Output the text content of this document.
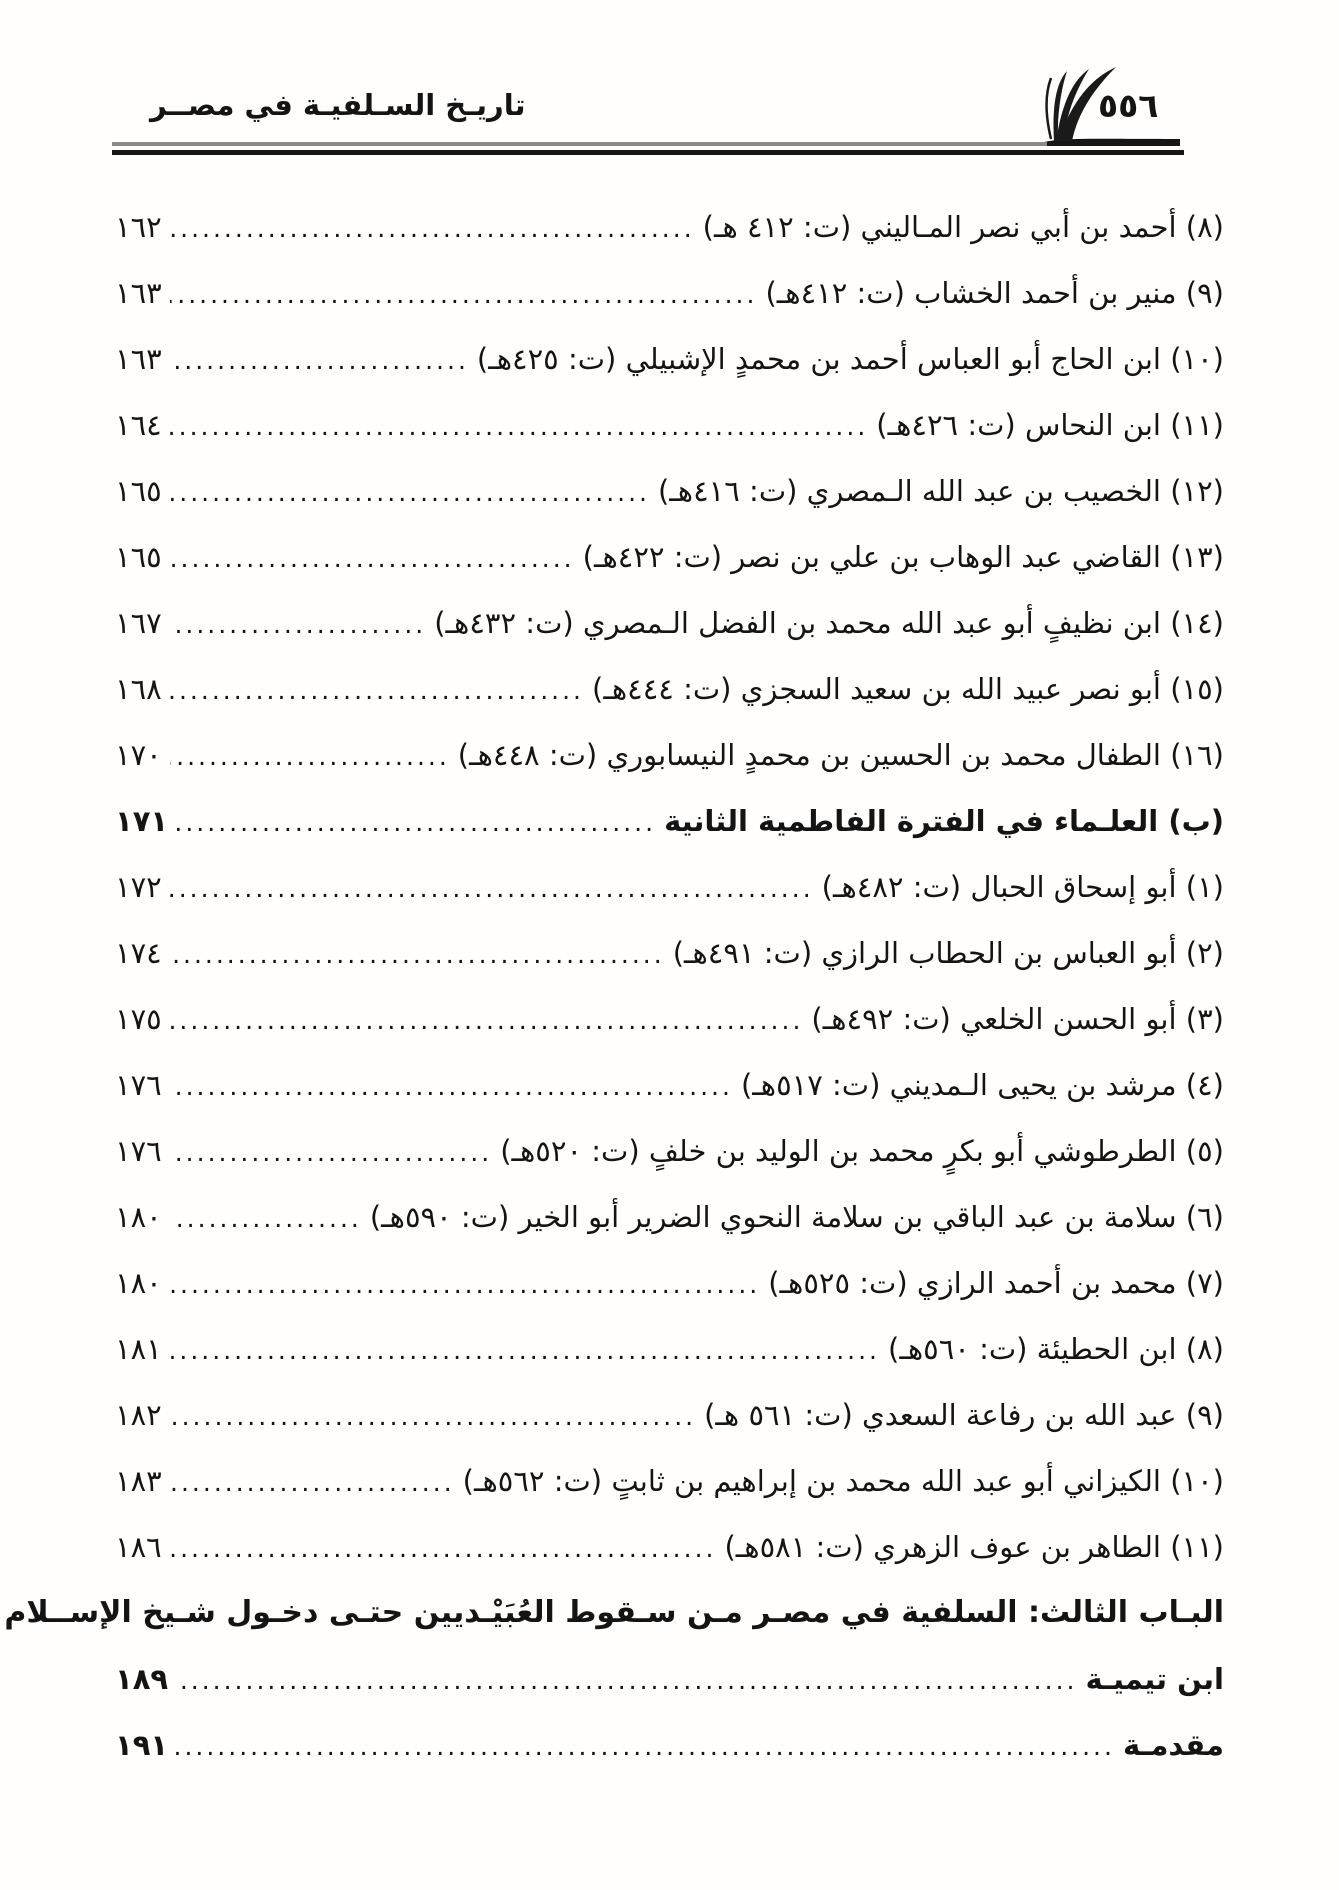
تاريـخ السـلفيـة في مصــر	٥٥٦
(٨) أحمد بن أبي نصر المـاليني (ت: ٤١٢ هـ)
.....
١٦٢
(٩) منير بن أحمد الخشاب (ت: ٤١٢هـ)
.....
١٦٣
(١٠) ابن الحاج أبو العباس أحمد بن محمدٍ الإشبيلي (ت: ٤٢٥هـ)
.....
١٦٣
(١١) ابن النحاس (ت: ٤٢٦هـ)
.....
١٦٤
(١٢) الخصيب بن عبد الله الـمصري (ت: ٤١٦هـ)
.....
١٦٥
(١٣) القاضي عبد الوهاب بن علي بن نصر (ت: ٤٢٢هـ)
.....
١٦٥
(١٤) ابن نظيفٍ أبو عبد الله محمد بن الفضل الـمصري (ت: ٤٣٢هـ)
.....
١٦٧
(١٥) أبو نصر عبيد الله بن سعيد السجزي (ت: ٤٤٤هـ)
.....
١٦٨
(١٦) الطفال محمد بن الحسين بن محمدٍ النيسابوري (ت: ٤٤٨هـ)
.....
١٧٠
(ب) العلـماء في الفترة الفاطمية الثانية
.....
١٧١
(١) أبو إسحاق الحبال (ت: ٤٨٢هـ)
.....
١٧٢
(٢) أبو العباس بن الحطاب الرازي (ت: ٤٩١هـ)
.....
١٧٤
(٣) أبو الحسن الخلعي (ت: ٤٩٢هـ)
.....
١٧٥
(٤) مرشد بن يحيى الـمديني (ت: ٥١٧هـ)
.....
١٧٦
(٥) الطرطوشي أبو بكرٍ محمد بن الوليد بن خلفٍ (ت: ٥٢٠هـ)
.....
١٧٦
(٦) سلامة بن عبد الباقي بن سلامة النحوي الضرير أبو الخير (ت: ٥٩٠هـ)
.....
١٨٠
(٧) محمد بن أحمد الرازي (ت: ٥٢٥هـ)
.....
١٨٠
(٨) ابن الحطيئة (ت: ٥٦٠هـ)
.....
١٨١
(٩) عبد الله بن رفاعة السعدي (ت: ٥٦١ هـ)
.....
١٨٢
(١٠) الكيزاني أبو عبد الله محمد بن إبراهيم بن ثابتٍ (ت: ٥٦٢هـ)
.....
١٨٣
(١١) الطاهر بن عوف الزهري (ت: ٥٨١هـ)
.....
١٨٦
البـاب الثالث: السلفية في مصـر مـن سـقوط العُبَيْـديين حتـى دخـول شـيخ الإســلام
ابن تيميـة
.....
١٨٩
مقدمـة
.....
١٩١
